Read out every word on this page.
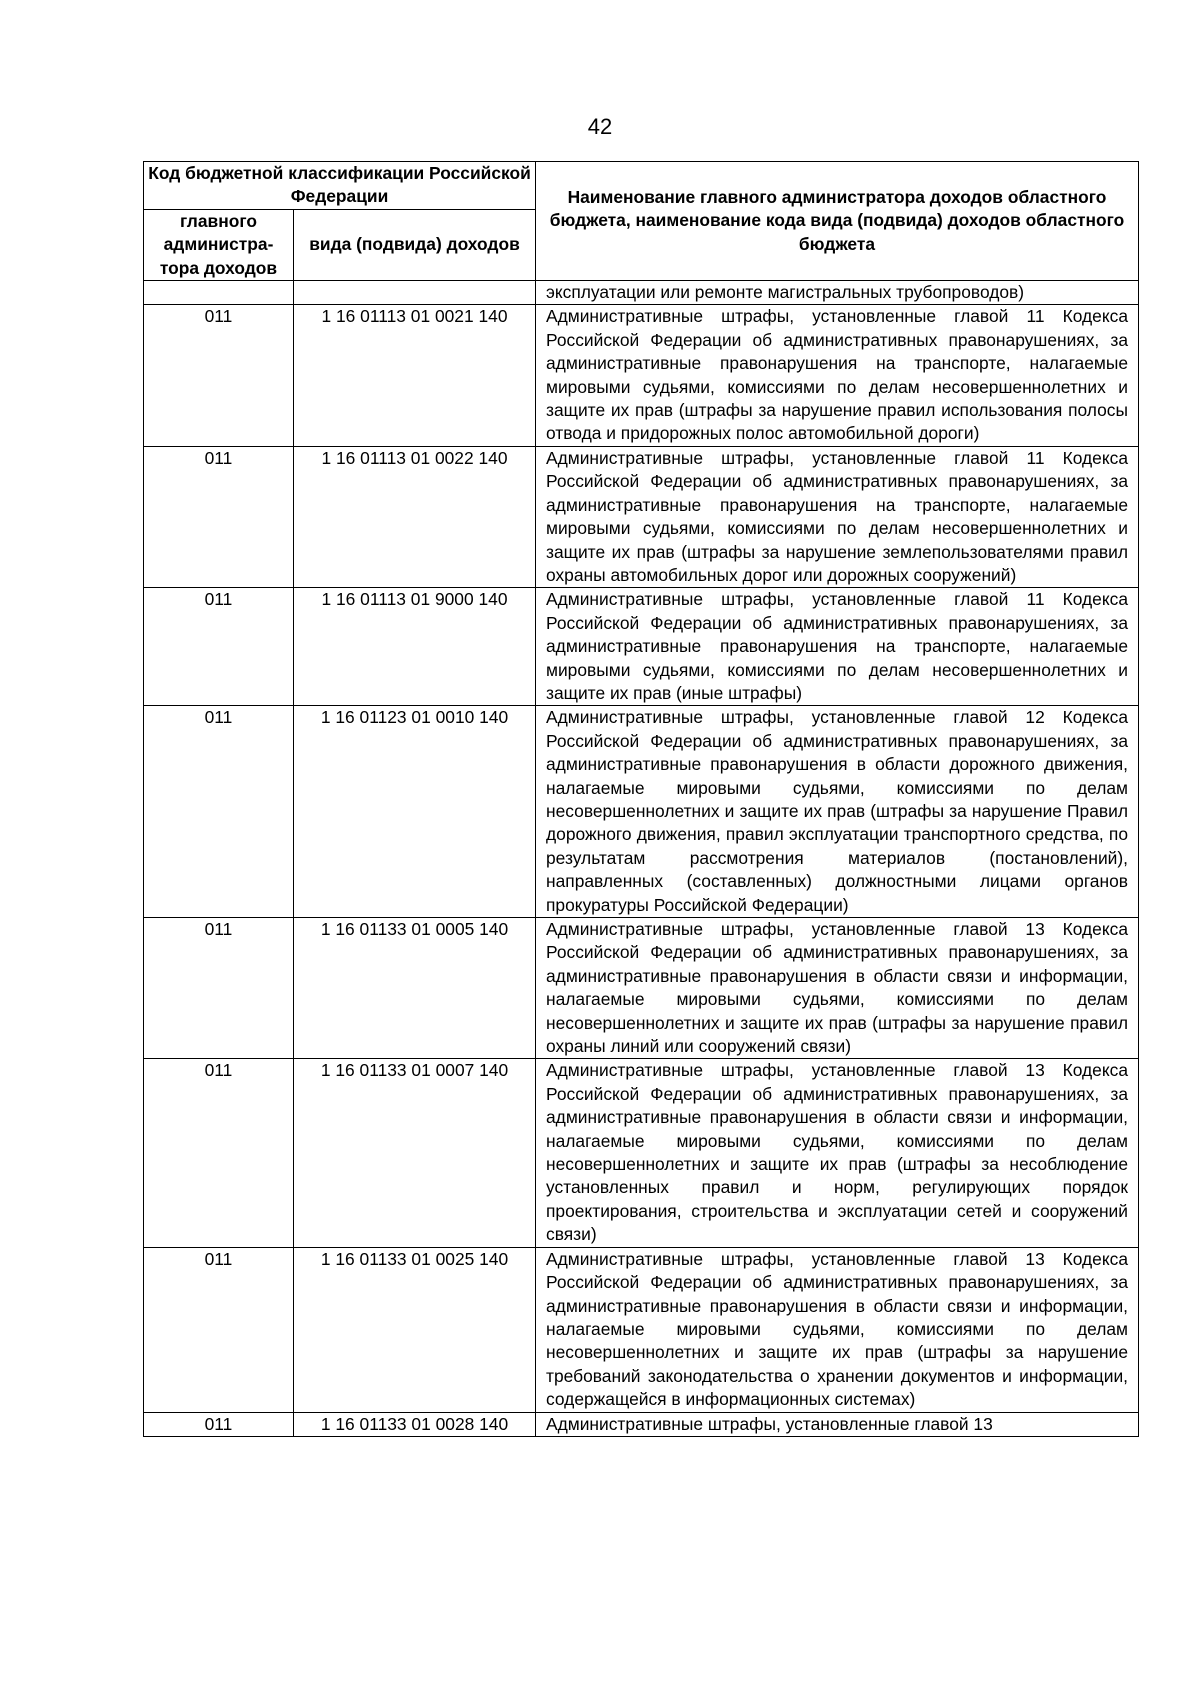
42
Код бюджетной классификации Российской Федерации		Наименование главного администратора доходов областного бюджета, наименование кода вида (подвида) доходов областного бюджета
главного администра-тора доходов	вида (подвида) доходов	
		эксплуатации или ремонте магистральных трубопроводов)
011	1 16 01113 01 0021 140	Административные штрафы, установленные главой 11 Кодекса Российской Федерации об административных правонарушениях, за административные правонарушения на транспорте, налагаемые мировыми судьями, комиссиями по делам несовершеннолетних и защите их прав (штрафы за нарушение правил использования полосы отвода и придорожных полос автомобильной дороги)
011	1 16 01113 01 0022 140	Административные штрафы, установленные главой 11 Кодекса Российской Федерации об административных правонарушениях, за административные правонарушения на транспорте, налагаемые мировыми судьями, комиссиями по делам несовершеннолетних и защите их прав (штрафы за нарушение землепользователями правил охраны автомобильных дорог или дорожных сооружений)
011	1 16 01113 01 9000 140	Административные штрафы, установленные главой 11 Кодекса Российской Федерации об административных правонарушениях, за административные правонарушения на транспорте, налагаемые мировыми судьями, комиссиями по делам несовершеннолетних и защите их прав (иные штрафы)
011	1 16 01123 01 0010 140	Административные штрафы, установленные главой 12 Кодекса Российской Федерации об административных правонарушениях, за административные правонарушения в области дорожного движения, налагаемые мировыми судьями, комиссиями по делам несовершеннолетних и защите их прав (штрафы за нарушение Правил дорожного движения, правил эксплуатации транспортного средства, по результатам рассмотрения материалов (постановлений), направленных (составленных) должностными лицами органов прокуратуры Российской Федерации)
011	1 16 01133 01 0005 140	Административные штрафы, установленные главой 13 Кодекса Российской Федерации об административных правонарушениях, за административные правонарушения в области связи и информации, налагаемые мировыми судьями, комиссиями по делам несовершеннолетних и защите их прав (штрафы за нарушение правил охраны линий или сооружений связи)
011	1 16 01133 01 0007 140	Административные штрафы, установленные главой 13 Кодекса Российской Федерации об административных правонарушениях, за административные правонарушения в области связи и информации, налагаемые мировыми судьями, комиссиями по делам несовершеннолетних и защите их прав (штрафы за несоблюдение установленных правил и норм, регулирующих порядок проектирования, строительства и эксплуатации сетей и сооружений связи)
011	1 16 01133 01 0025 140	Административные штрафы, установленные главой 13 Кодекса Российской Федерации об административных правонарушениях, за административные правонарушения в области связи и информации, налагаемые мировыми судьями, комиссиями по делам несовершеннолетних и защите их прав (штрафы за нарушение требований законодательства о хранении документов и информации, содержащейся в информационных системах)
011	1 16 01133 01 0028 140	Административные штрафы, установленные главой 13
